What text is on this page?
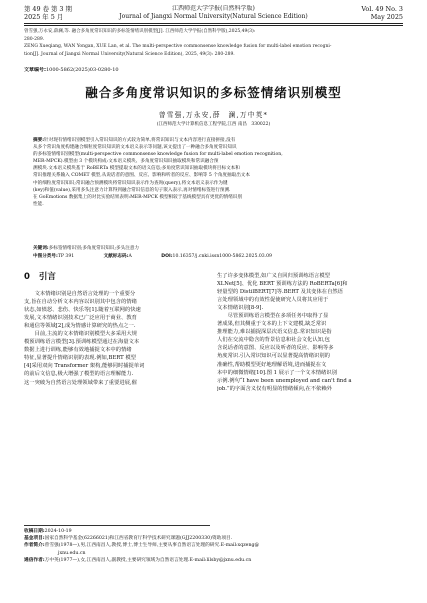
第 49 卷 第 3 期
2025 年 5 月
江西师范大学学报(自然科学版)
Journal of Jiangxi Normal University(Natural Science Edition)
Vol. 49 No. 3
May 2025
曾雪强,万永安,薛澜,等. 融合多角度常识知识的多标签情绪识别模型[J]. 江西师范大学学报(自然科学版),2025,49(3):
280-289.
ZENG Xueqiang, WAN Yongan, XUE Lan, et al. The multi-perspective commonsense knowledge fusion for multi-label emotion recogni-
tion[J]. Journal of Jiangxi Normal University(Natural Science Edition), 2025, 49(3): 280-289.
文章编号:1000-5862(2025)03-0280-10
融合多角度常识知识的多标签情绪识别模型
曾雪强,万永安,薛　澜,万中英*
(江西师范大学计算机信息工程学院,江西 南昌　330022)
摘要:针对现有情绪识别模型引入常识知识的方式较为简单,将常识知识与文本内容进行直接拼接,没有
从多个常识角度构建融合细粒度常识知识的文本语义表示等问题,该文提出了一种融合多角度常识知识
的多标签情绪识别模型(multi-perspective commonsense knowledge fusion for multi-label emotion recognition,
MER-MPCK).模型由 3 个模块构成:文本语义模块、多角度常识知识抽取模块和常识融合预
测模块.文本语义模块基于 RoBERTa 模型提取文本的语义信息;多角度常识知识抽取模块将目标文本和
常识推理关系输入 COMET 模型,从说话者的意图、反应、影响和听者的反应、影响等 5 个角度抽取出文本
中的细粒度常识知识;常识融合预测模块将常识知识表示作为查询(query),将文本语义表示作为键
(key)和值(value),采用多头注意力计算得到融合常识信息的句子嵌入表示,再对情绪标签进行预测.
在 GoEmotions 数据集上的对比实验结果表明:MER-MPCK 模型相较于基线模型具有更优的情绪识别
性能.
关键词:多标签情绪识别;多角度常识知识;多头注意力
中图分类号:TP 391	文献标志码:A	DOI:10.16357/j.cnki.issn1000-5862.2025.03.09
0 引言
　　文本情绪识别是自然语言处理的一个重要分
支,旨在自动分析文本内容以识别其中包含的情绪
状态,如愤怒、悲伤、快乐等[1].随着互联网的快速
发展,文本情绪识别技术已广泛应用于商业、教育
和通信等领域[2],成为情感计算研究的热点之一.
　　目前,主流的文本情绪识别模型大多采用大规
模预训练语言模型[3].预训练模型通过在海量文本
数据上进行训练,能够有效地捕捉文本中的情绪
特征,显著提升情绪识别的表现.例如,BERT 模型
[4]采用双向 Transformer 架构,能够同时捕捉单词
的前后文信息,极大增强了模型的语言理解能力.
这一突破为自然语言处理领域带来了重要进展,催
生了许多变体模型,如广义自回归预训练语言模型
XLNet[5]、优化 BERT 预训练方法的 RoBERTa[6]和
轻量型的 DistilBERT[7]等.BERT 及其变体在自然语
言处理领域中的有效性促使研究人员将其应用于
文本情绪识别[8-9].
　　尽管预训练语言模型在多项任务中取得了显
著成果,但其侧重于文本的上下文建模,缺乏常识
推理能力,难以捕捉深层次语义信息.常识知识是指
人们在交流中隐含的背景信息和社会文化认知,包
含说话者的意图、反应以及听者的反应、影响等多
角度常识.引入常识知识可以显著提高情绪识别的
准确性,帮助模型更好地理解语境,进而捕捉在文
本中的细微情绪[10].图 1 展示了一个文本情绪识别
示例.例句“I have been unemployed and can't find a
job.”的字面含义仅有明显的情绪倾向,在不依赖外
收稿日期:2024-10-19
基金项目:国家自然科学基金(62266021)和江西省教育厅科学技术研究课题(GJJ2200330)资助项目.
作者简介:曾雪强(1978—),男,江西南昌人,教授,博士,博士生导师,主要从事自然语言处理的研究.E-mail:xqzeng@
jxnu.edu.cn
通信作者:万中英(1977—),女,江西南昌人,副教授,主要研究领域为自然语言处理.E-mail:lilsby@jxnu.edu.cn
